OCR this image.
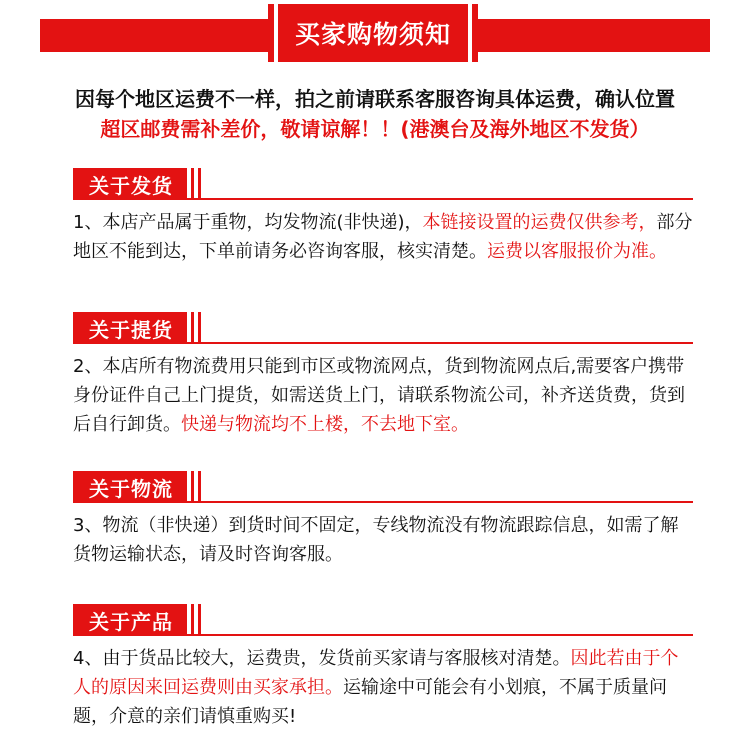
买家购物须知
因每个地区运费不一样，拍之前请联系客服咨询具体运费，确认位置
超区邮费需补差价，敬请谅解！！(港澳台及海外地区不发货）
关于发货
1、本店产品属于重物，均发物流(非快递)，本链接设置的运费仅供参考，部分地区不能到达，下单前请务必咨询客服，核实清楚。运费以客服报价为准。
关于提货
2、本店所有物流费用只能到市区或物流网点，货到物流网点后,需要客户携带身份证件自己上门提货，如需送货上门，请联系物流公司，补齐送货费，货到后自行卸货。快递与物流均不上楼，不去地下室。
关于物流
3、物流（非快递）到货时间不固定，专线物流没有物流跟踪信息，如需了解货物运输状态，请及时咨询客服。
关于产品
4、由于货品比较大，运费贵，发货前买家请与客服核对清楚。因此若由于个人的原因来回运费则由买家承担。运输途中可能会有小划痕，不属于质量问题，介意的亲们请慎重购买!
